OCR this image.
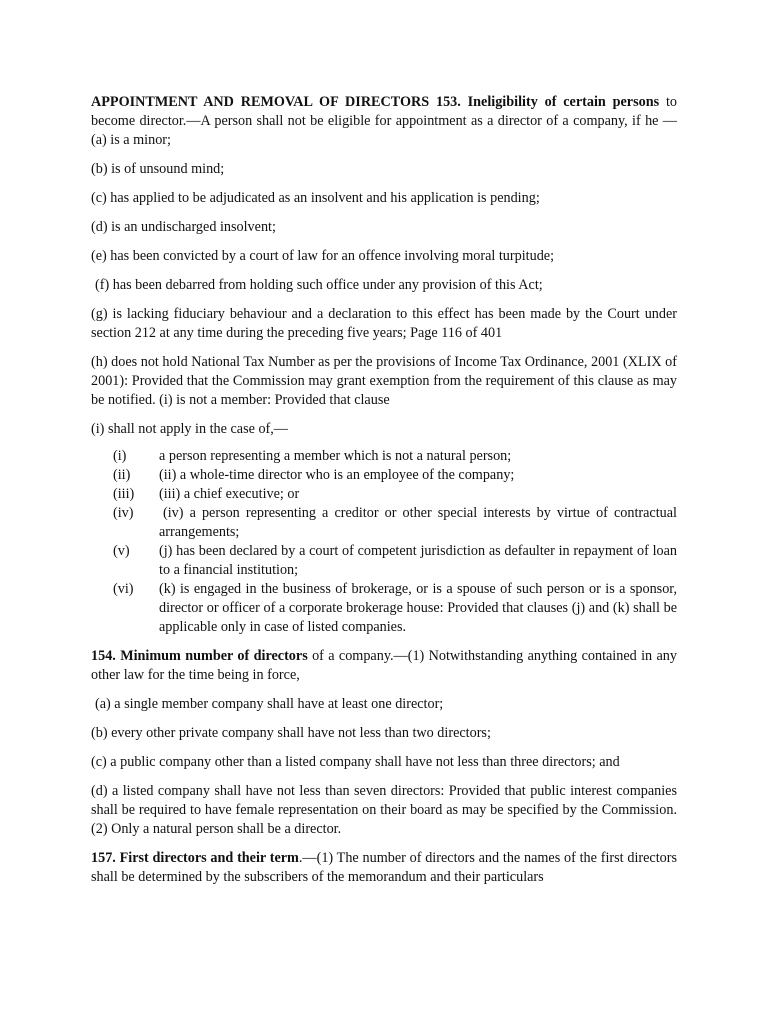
APPOINTMENT AND REMOVAL OF DIRECTORS 153. Ineligibility of certain persons to become director.—A person shall not be eligible for appointment as a director of a company, if he — (a) is a minor;

(b) is of unsound mind;

(c) has applied to be adjudicated as an insolvent and his application is pending;

(d) is an undischarged insolvent;

(e) has been convicted by a court of law for an offence involving moral turpitude;

(f) has been debarred from holding such office under any provision of this Act;

(g) is lacking fiduciary behaviour and a declaration to this effect has been made by the Court under section 212 at any time during the preceding five years; Page 116 of 401

(h) does not hold National Tax Number as per the provisions of Income Tax Ordinance, 2001 (XLIX of 2001): Provided that the Commission may grant exemption from the requirement of this clause as may be notified. (i) is not a member: Provided that clause

(i) shall not apply in the case of,—

(i)	a person representing a member which is not a natural person;
(ii)	(ii) a whole-time director who is an employee of the company;
(iii)	(iii) a chief executive; or
(iv)	(iv) a person representing a creditor or other special interests by virtue of contractual arrangements;
(v)	(j) has been declared by a court of competent jurisdiction as defaulter in repayment of loan to a financial institution;
(vi)	(k) is engaged in the business of brokerage, or is a spouse of such person or is a sponsor, director or officer of a corporate brokerage house: Provided that clauses (j) and (k) shall be applicable only in case of listed companies.

154. Minimum number of directors of a company.—(1) Notwithstanding anything contained in any other law for the time being in force,

(a) a single member company shall have at least one director;

(b) every other private company shall have not less than two directors;

(c) a public company other than a listed company shall have not less than three directors; and

(d) a listed company shall have not less than seven directors: Provided that public interest companies shall be required to have female representation on their board as may be specified by the Commission. (2) Only a natural person shall be a director.

157. First directors and their term.—(1) The number of directors and the names of the first directors shall be determined by the subscribers of the memorandum and their particulars
